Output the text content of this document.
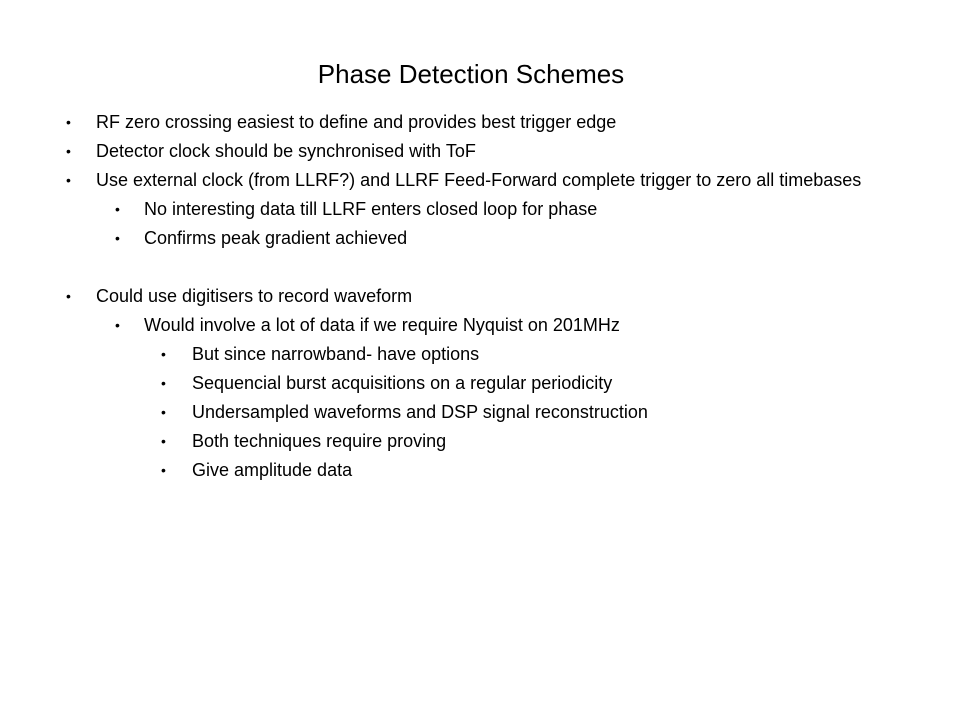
Phase Detection Schemes
• RF zero crossing easiest to define and provides best trigger edge
• Detector clock should be synchronised with ToF
• Use external clock (from LLRF?) and LLRF Feed-Forward complete trigger to zero all timebases
• No interesting data till LLRF enters closed loop for phase
• Confirms peak gradient achieved
• Could use digitisers to record waveform
• Would involve a lot of data if we require Nyquist on 201MHz
• But since narrowband- have options
• Sequencial burst acquisitions on a regular periodicity
• Undersampled waveforms and DSP signal reconstruction
• Both techniques require proving
• Give amplitude data
